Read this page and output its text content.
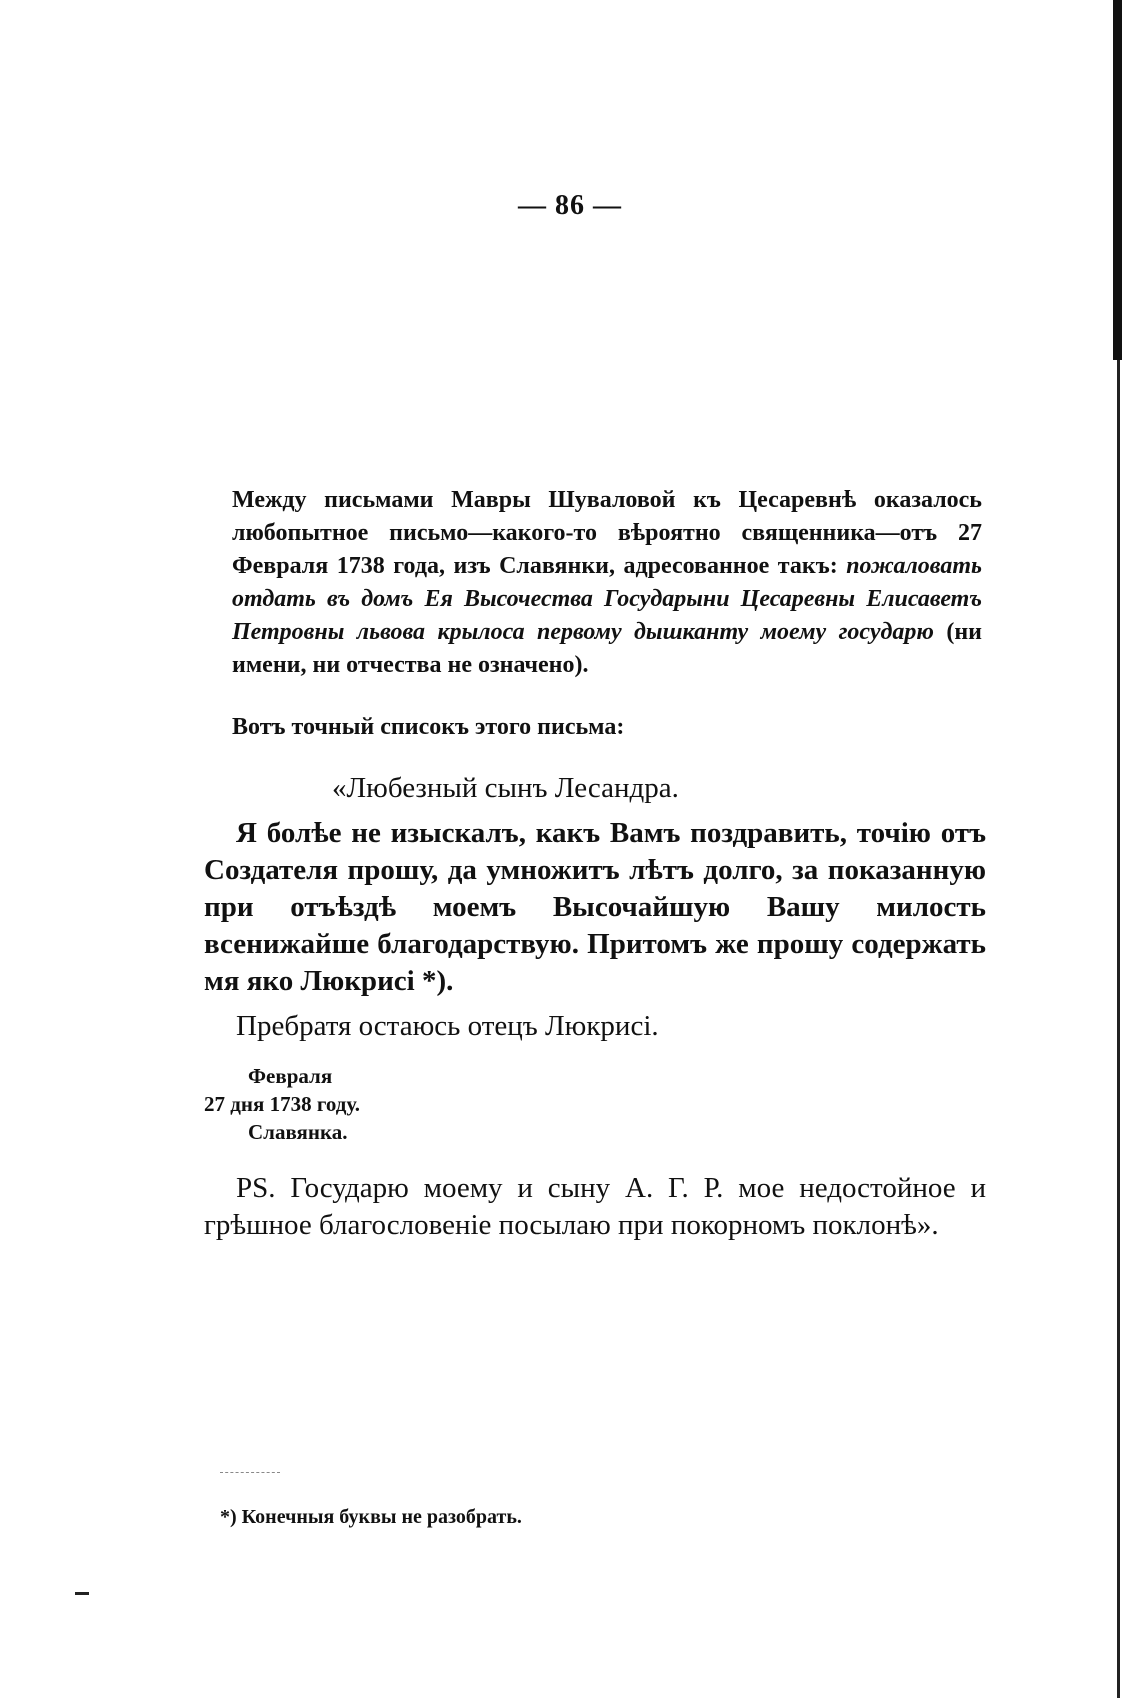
— 86 —
Между письмами Мавры Шуваловой къ Цесаревнѣ оказалось любопытное письмо—какого-то вѣроятно священника—отъ 27 Февраля 1738 года, изъ Славянки, адресованное такъ: пожаловать отдать въ домъ Ея Высочества Государыни Цесаревны Елисаветъ Петровны львова крылоса первому дышканту моему государю (ни имени, ни отчества не означено).
Вотъ точный списокъ этого письма:
«Любезный сынъ Лесандра.
Я болѣе не изыскалъ, какъ Вамъ поздравить, точію отъ Создателя прошу, да умножитъ лѣтъ долго, за показанную при отъѣздѣ моемъ Высочайшую Вашу милость всенижайше благодарствую. Притомъ же прошу содержать мя яко Люкрисі *).
Пребратя остаюсь отецъ Люкрисі.
Февраля
27 дня 1738 году.
Славянка.
PS. Государю моему и сыну А. Г. Р. мое недостойное и грѣшное благословеніе посылаю при покорномъ поклонѣ».
*) Конечныя буквы не разобрать.
